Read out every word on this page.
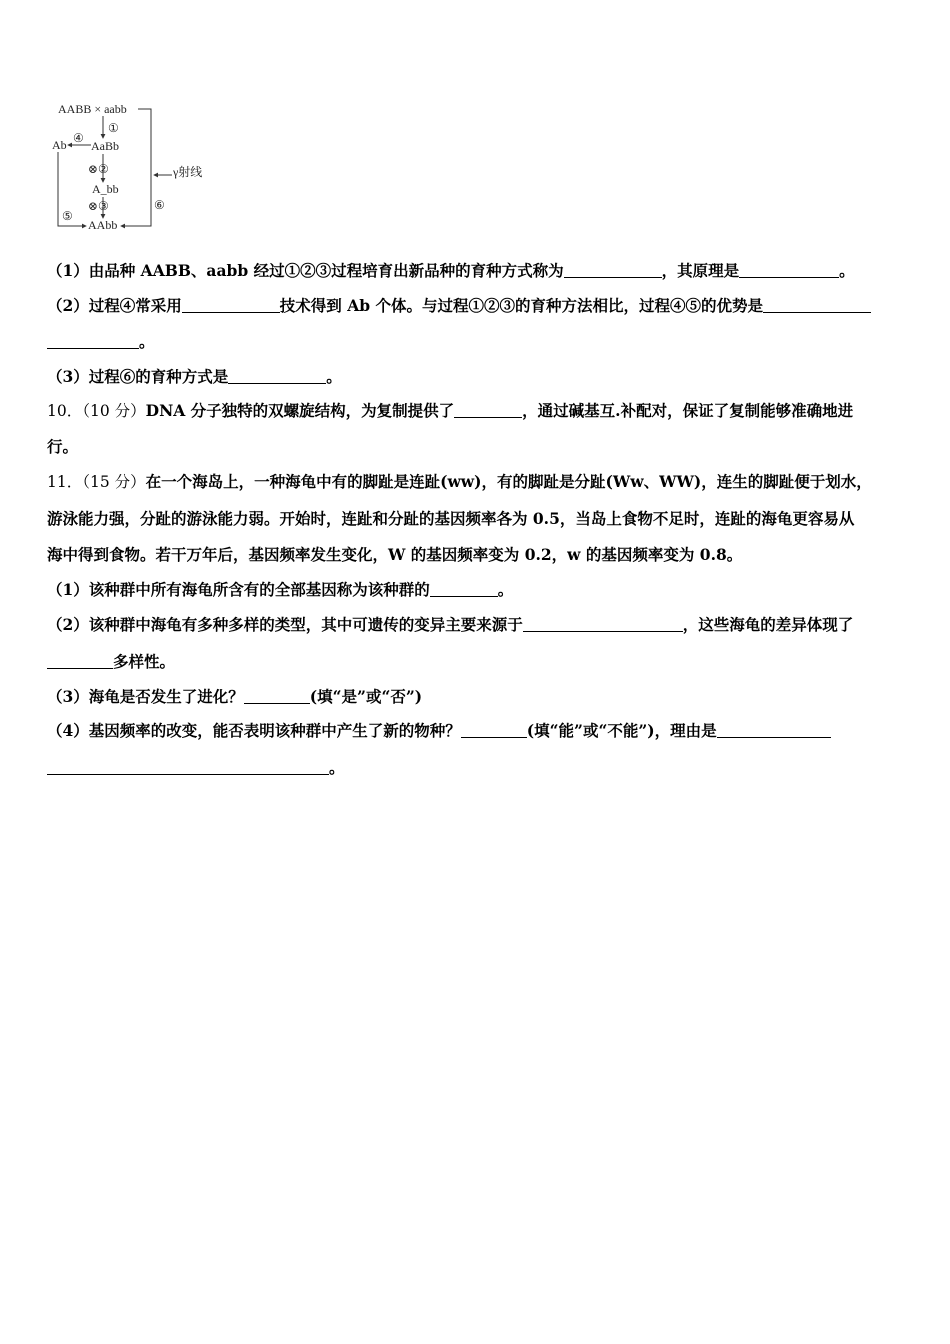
AABB × aabb
①
AaBb
Ab ④
⊗②
A_bb
⊗③
AAbb
⑤
⑥
γ射线
（1）由品种 AABB、aabb 经过①②③过程培育出新品种的育种方式称为	，其原理是	。
（2）过程④常采用	技术得到 Ab 个体。与过程①②③的育种方法相比，过程④⑤的优势是
。
（3）过程⑥的育种方式是	。
10．（10 分）DNA 分子独特的双螺旋结构，为复制提供了	，通过碱基互.补配对，保证了复制能够准确地进
行。
11．（15 分）在一个海岛上，一种海龟中有的脚趾是连趾(ww)，有的脚趾是分趾(Ww、WW)，连生的脚趾便于划水，
游泳能力强，分趾的游泳能力弱。开始时，连趾和分趾的基因频率各为 0.5，当岛上食物不足时，连趾的海龟更容易从
海中得到食物。若干万年后，基因频率发生变化，W 的基因频率变为 0.2，w 的基因频率变为 0.8。
（1）该种群中所有海龟所含有的全部基因称为该种群的	。
（2）该种群中海龟有多种多样的类型，其中可遗传的变异主要来源于	，这些海龟的差异体现了
多样性。
（3）海龟是否发生了进化？	(填“是”或“否”)
（4）基因频率的改变，能否表明该种群中产生了新的物种？	(填“能”或“不能”)，理由是
。
